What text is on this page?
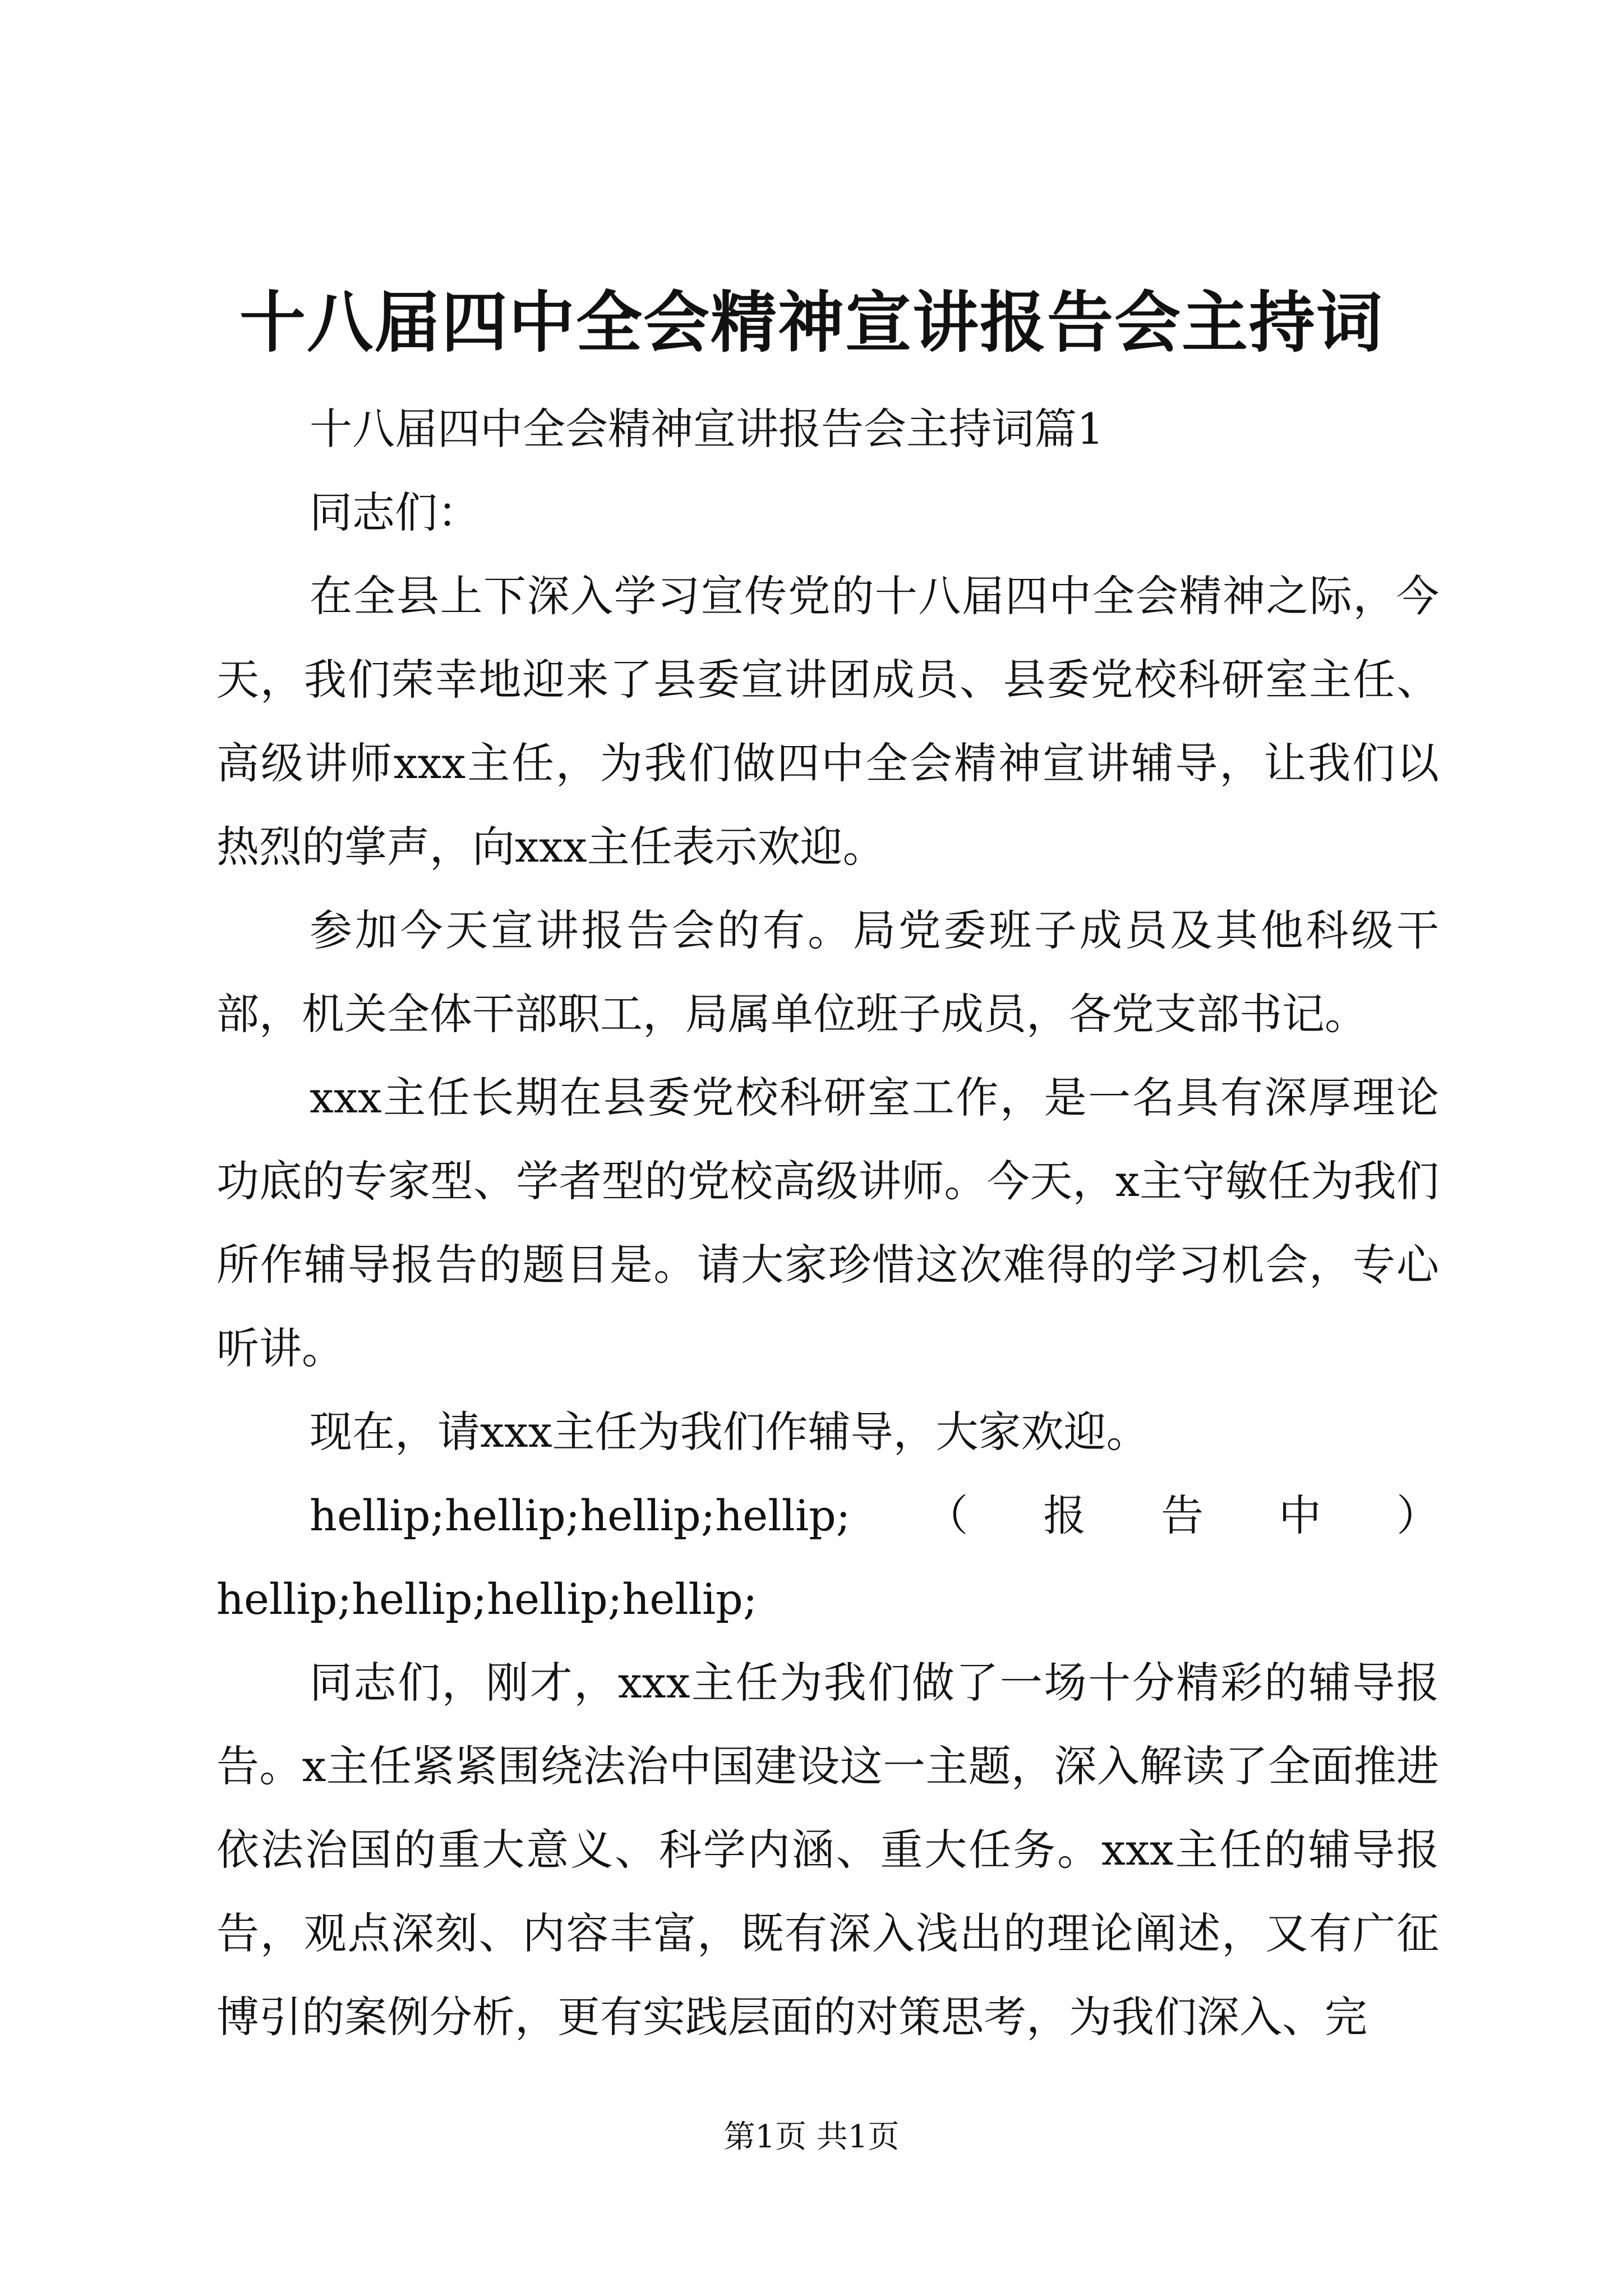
十八届四中全会精神宣讲报告会主持词

十八届四中全会精神宣讲报告会主持词篇1

同志们：

在全县上下深入学习宣传党的十八届四中全会精神之际，今天，我们荣幸地迎来了县委宣讲团成员、县委党校科研室主任、高级讲师xxx主任，为我们做四中全会精神宣讲辅导，让我们以热烈的掌声，向xxx主任表示欢迎。

参加今天宣讲报告会的有。局党委班子成员及其他科级干部，机关全体干部职工，局属单位班子成员，各党支部书记。

xxx主任长期在县委党校科研室工作，是一名具有深厚理论功底的专家型、学者型的党校高级讲师。今天，x主守敏任为我们所作辅导报告的题目是。请大家珍惜这次难得的学习机会，专心听讲。

现在，请xxx主任为我们作辅导，大家欢迎。

hellip;hellip;hellip;hellip; （ 报 告 中 ）
hellip;hellip;hellip;hellip;

同志们，刚才，xxx主任为我们做了一场十分精彩的辅导报告。x主任紧紧围绕法治中国建设这一主题，深入解读了全面推进依法治国的重大意义、科学内涵、重大任务。xxx主任的辅导报告，观点深刻、内容丰富，既有深入浅出的理论阐述，又有广征博引的案例分析，更有实践层面的对策思考，为我们深入、完

第1页 共1页
